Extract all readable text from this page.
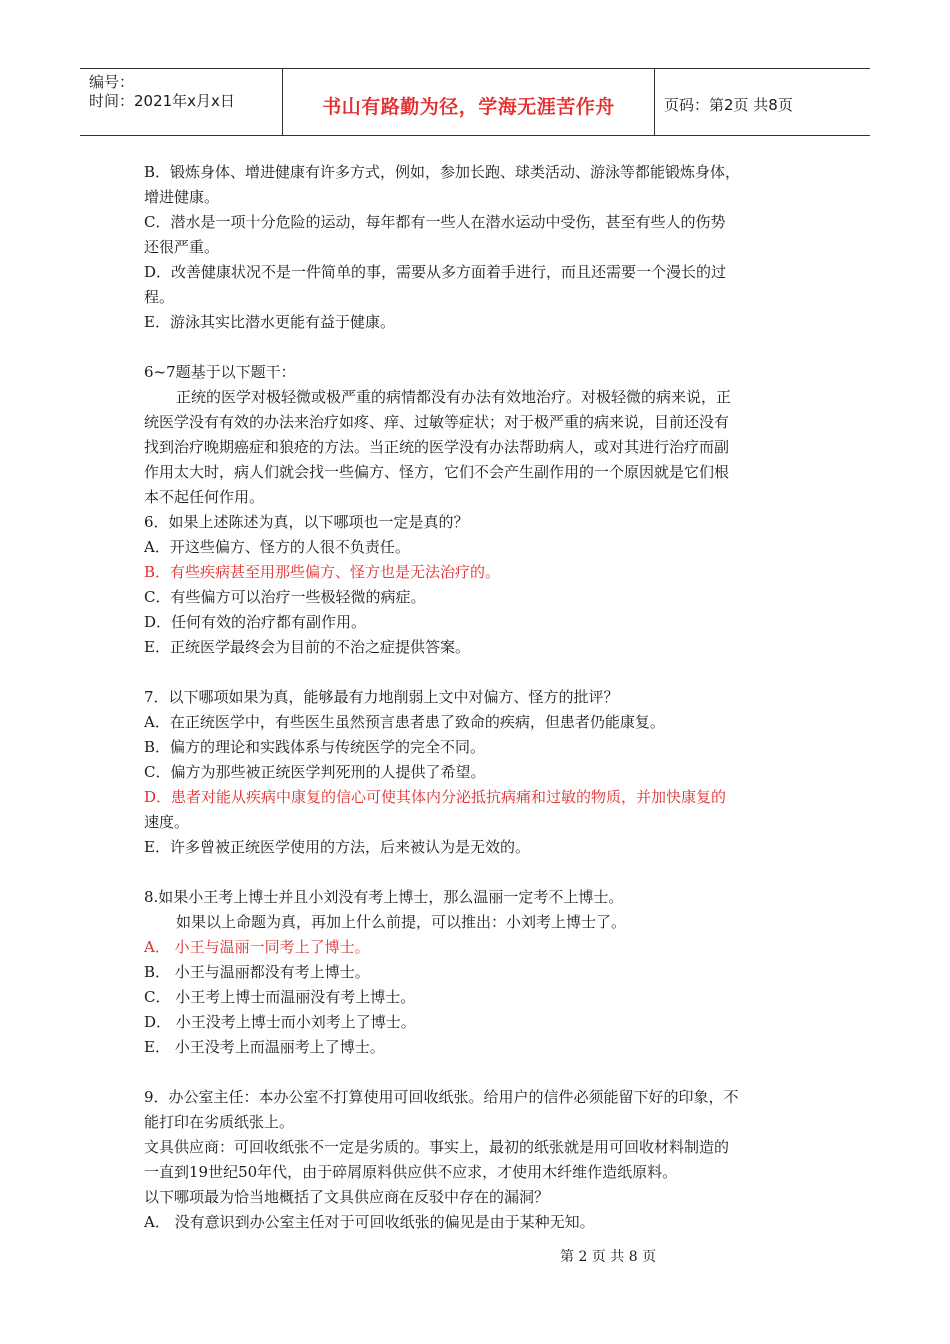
编号：
时间：2021年x月x日	书山有路勤为径，学海无涯苦作舟	页码：第2页 共8页

B．锻炼身体、增进健康有许多方式，例如，参加长跑、球类活动、游泳等都能锻炼身体，

增进健康。

C．潜水是一项十分危险的运动，每年都有一些人在潜水运动中受伤，甚至有些人的伤势

还很严重。

D．改善健康状况不是一件简单的事，需要从多方面着手进行，而且还需要一个漫长的过

程。

E．游泳其实比潜水更能有益于健康。

6~7题基于以下题干：

正统的医学对极轻微或极严重的病情都没有办法有效地治疗。对极轻微的病来说，正

统医学没有有效的办法来治疗如疼、痒、过敏等症状；对于极严重的病来说，目前还没有

找到治疗晚期癌症和狼疮的方法。当正统的医学没有办法帮助病人，或对其进行治疗而副

作用太大时，病人们就会找一些偏方、怪方，它们不会产生副作用的一个原因就是它们根

本不起任何作用。

6．如果上述陈述为真，以下哪项也一定是真的？

A．开这些偏方、怪方的人很不负责任。

B．有些疾病甚至用那些偏方、怪方也是无法治疗的。

C．有些偏方可以治疗一些极轻微的病症。

D．任何有效的治疗都有副作用。

E．正统医学最终会为目前的不治之症提供答案。

7．以下哪项如果为真，能够最有力地削弱上文中对偏方、怪方的批评？

A．在正统医学中，有些医生虽然预言患者患了致命的疾病，但患者仍能康复。

B．偏方的理论和实践体系与传统医学的完全不同。

C．偏方为那些被正统医学判死刑的人提供了希望。

D．患者对能从疾病中康复的信心可使其体内分泌抵抗病痛和过敏的物质，并加快康复的

速度。

E．许多曾被正统医学使用的方法，后来被认为是无效的。

8.如果小王考上博士并且小刘没有考上博士，那么温丽一定考不上博士。

如果以上命题为真，再加上什么前提，可以推出：小刘考上博士了。

A． 小王与温丽一同考上了博士。

B． 小王与温丽都没有考上博士。

C． 小王考上博士而温丽没有考上博士。

D． 小王没考上博士而小刘考上了博士。

E． 小王没考上而温丽考上了博士。

9．办公室主任：本办公室不打算使用可回收纸张。给用户的信件必须能留下好的印象，不

能打印在劣质纸张上。

文具供应商：可回收纸张不一定是劣质的。事实上，最初的纸张就是用可回收材料制造的

一直到19世纪50年代，由于碎屑原料供应供不应求，才使用木纤维作造纸原料。

以下哪项最为恰当地概括了文具供应商在反驳中存在的漏洞？

A． 没有意识到办公室主任对于可回收纸张的偏见是由于某种无知。

第 2 页 共 8 页
